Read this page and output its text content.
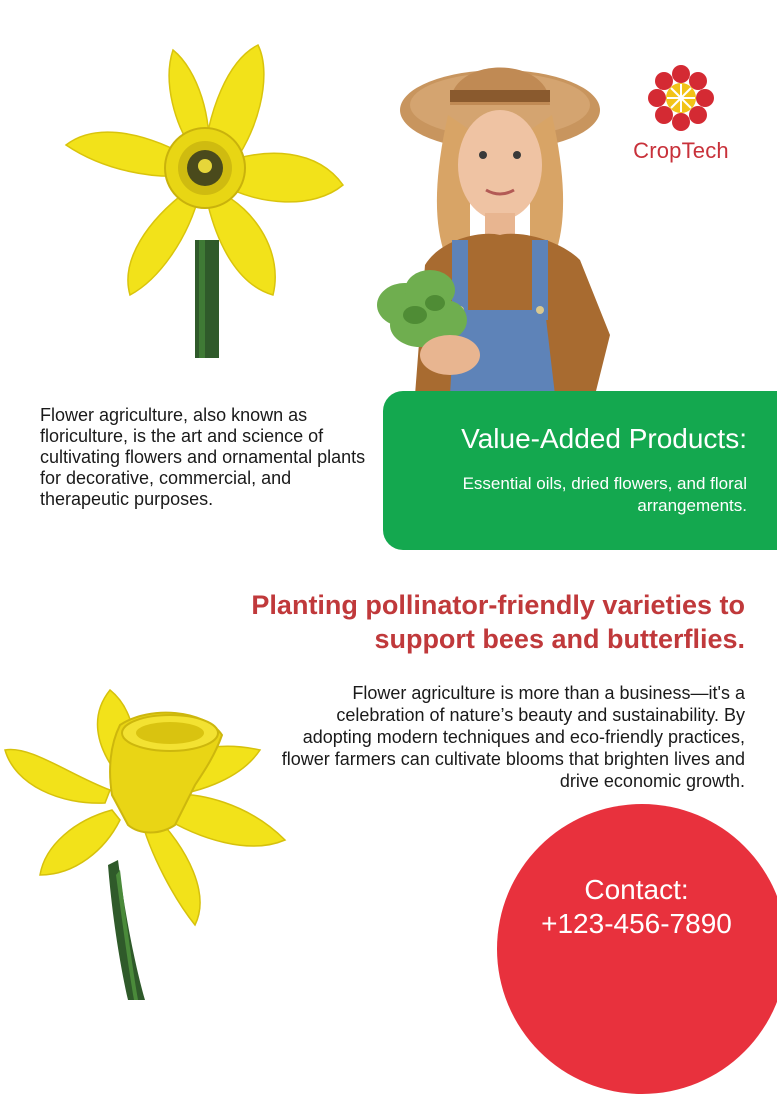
CropTech
Flower agriculture, also known as floriculture, is the art and science of cultivating flowers and ornamental plants for decorative, commercial, and therapeutic purposes.
Value-Added Products:
Essential oils, dried flowers, and floral arrangements.
Planting pollinator-friendly varieties to support bees and butterflies.
Flower agriculture is more than a business—it's a celebration of nature’s beauty and sustainability. By adopting modern techniques and eco-friendly practices, flower farmers can cultivate blooms that brighten lives and drive economic growth.
Contact:
+123-456-7890
